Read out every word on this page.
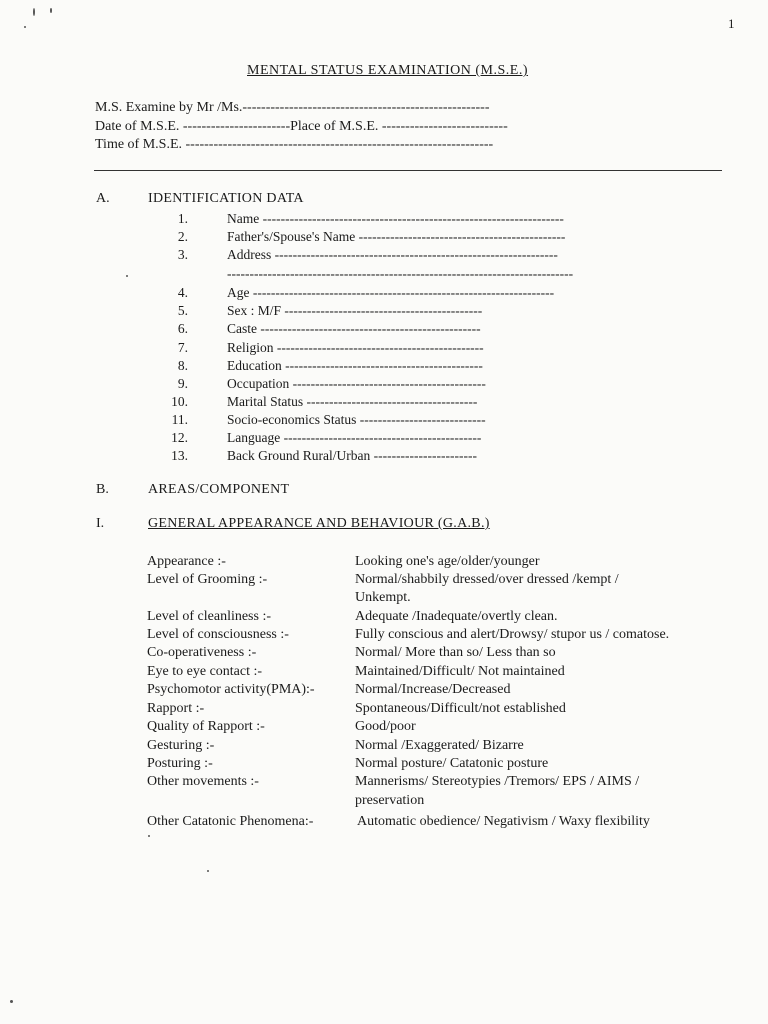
1
MENTAL STATUS EXAMINATION (M.S.E.)
M.S. Examine by Mr /Ms.-----------------------------------------------------
Date of M.S.E. -----------------------Place of M.S.E. ---------------------------
Time of M.S.E. ------------------------------------------------------------------
A.	IDENTIFICATION DATA
1.	Name -------------------------------------------------------------------
2.	Father's/Spouse's Name ----------------------------------------------
3.	Address ---------------------------------------------------------------
-----------------------------------------------------------------------------
4.	Age -------------------------------------------------------------------
5.	Sex : M/F --------------------------------------------
6.	Caste -------------------------------------------------
7.	Religion ----------------------------------------------
8.	Education --------------------------------------------
9.	Occupation -------------------------------------------
10.	Marital Status --------------------------------------
11.	Socio-economics Status ----------------------------
12.	Language --------------------------------------------
13.	Back Ground Rural/Urban -----------------------
B.	AREAS/COMPONENT
I.	GENERAL APPEARANCE AND BEHAVIOUR (G.A.B.)
Appearance :-	Looking one's age/older/younger
Level of Grooming :-	Normal/shabbily dressed/over dressed /kempt /
Unkempt.
Level of cleanliness :-	Adequate /Inadequate/overtly clean.
Level of consciousness :-	Fully conscious and alert/Drowsy/ stupor us / comatose.
Co-operativeness :-	Normal/ More than so/ Less than so
Eye to eye contact :-	Maintained/Difficult/ Not maintained
Psychomotor activity(PMA):-	Normal/Increase/Decreased
Rapport :-	Spontaneous/Difficult/not established
Quality of Rapport :-	Good/poor
Gesturing :-	Normal /Exaggerated/ Bizarre
Posturing :-	Normal posture/ Catatonic posture
Other movements :-	Mannerisms/ Stereotypies /Tremors/ EPS / AIMS /
preservation
Other Catatonic Phenomena:-	Automatic obedience/ Negativism / Waxy flexibility
